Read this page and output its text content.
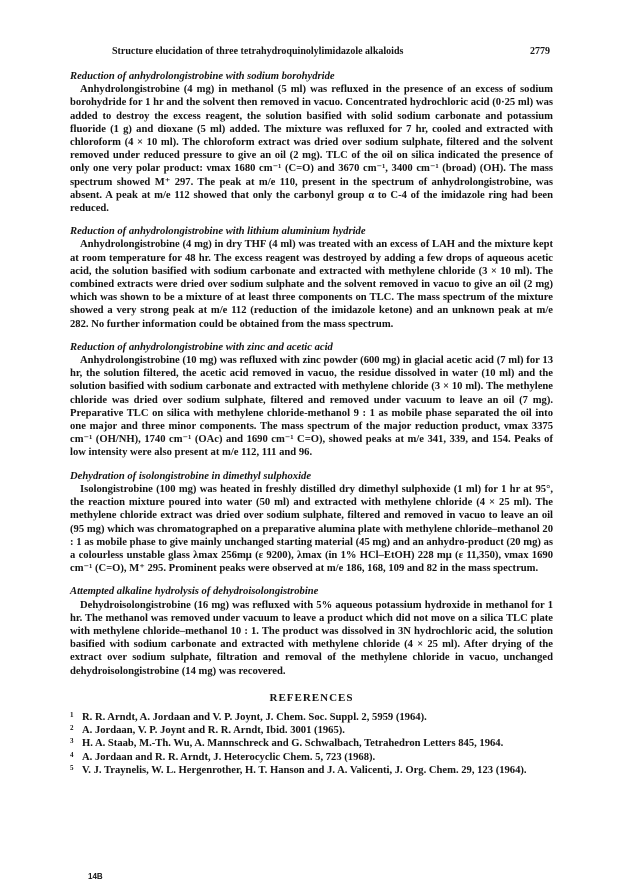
Structure elucidation of three tetrahydroquinolylimidazole alkaloids	2779
Reduction of anhydrolongistrobine with sodium borohydride

Anhydrolongistrobine (4 mg) in methanol (5 ml) was refluxed in the presence of an excess of sodium borohydride for 1 hr and the solvent then removed in vacuo. Concentrated hydrochloric acid (0·25 ml) was added to destroy the excess reagent, the solution basified with solid sodium carbonate and potassium fluoride (1 g) and dioxane (5 ml) added. The mixture was refluxed for 7 hr, cooled and extracted with chloroform (4 × 10 ml). The chloroform extract was dried over sodium sulphate, filtered and the solvent removed under reduced pressure to give an oil (2 mg). TLC of the oil on silica indicated the presence of only one very polar product: νmax 1680 cm⁻¹ (C=O) and 3670 cm⁻¹, 3400 cm⁻¹ (broad) (OH). The mass spectrum showed M⁺ 297. The peak at m/e 110, present in the spectrum of anhydrolongistrobine, was absent. A peak at m/e 112 showed that only the carbonyl group α to C-4 of the imidazole ring had been reduced.

Reduction of anhydrolongistrobine with lithium aluminium hydride

Anhydrolongistrobine (4 mg) in dry THF (4 ml) was treated with an excess of LAH and the mixture kept at room temperature for 48 hr. The excess reagent was destroyed by adding a few drops of aqueous acetic acid, the solution basified with sodium carbonate and extracted with methylene chloride (3 × 10 ml). The combined extracts were dried over sodium sulphate and the solvent removed in vacuo to give an oil (2 mg) which was shown to be a mixture of at least three components on TLC. The mass spectrum of the mixture showed a very strong peak at m/e 112 (reduction of the imidazole ketone) and an unknown peak at m/e 282. No further information could be obtained from the mass spectrum.

Reduction of anhydrolongistrobine with zinc and acetic acid

Anhydrolongistrobine (10 mg) was refluxed with zinc powder (600 mg) in glacial acetic acid (7 ml) for 13 hr, the solution filtered, the acetic acid removed in vacuo, the residue dissolved in water (10 ml) and the solution basified with sodium carbonate and extracted with methylene chloride (3 × 10 ml). The methylene chloride was dried over sodium sulphate, filtered and removed under vacuum to leave an oil (7 mg). Preparative TLC on silica with methylene chloride-methanol 9 : 1 as mobile phase separated the oil into one major and three minor components. The mass spectrum of the major reduction product, νmax 3375 cm⁻¹ (OH/NH), 1740 cm⁻¹ (OAc) and 1690 cm⁻¹ C=O), showed peaks at m/e 341, 339, and 154. Peaks of low intensity were also present at m/e 112, 111 and 96.

Dehydration of isolongistrobine in dimethyl sulphoxide

Isolongistrobine (100 mg) was heated in freshly distilled dry dimethyl sulphoxide (1 ml) for 1 hr at 95°, the reaction mixture poured into water (50 ml) and extracted with methylene chloride (4 × 25 ml). The methylene chloride extract was dried over sodium sulphate, filtered and removed in vacuo to leave an oil (95 mg) which was chromatographed on a preparative alumina plate with methylene chloride–methanol 20 : 1 as mobile phase to give mainly unchanged starting material (45 mg) and an anhydro-product (20 mg) as a colourless unstable glass λmax 256mμ (ε 9200), λmax (in 1% HCl–EtOH) 228 mμ (ε 11,350), νmax 1690 cm⁻¹ (C=O), M⁺ 295. Prominent peaks were observed at m/e 186, 168, 109 and 82 in the mass spectrum.

Attempted alkaline hydrolysis of dehydroisolongistrobine

Dehydroisolongistrobine (16 mg) was refluxed with 5% aqueous potassium hydroxide in methanol for 1 hr. The methanol was removed under vacuum to leave a product which did not move on a silica TLC plate with methylene chloride–methanol 10 : 1. The product was dissolved in 3N hydrochloric acid, the solution basified with sodium carbonate and extracted with methylene chloride (4 × 25 ml). After drying of the extract over sodium sulphate, filtration and removal of the methylene chloride in vacuo, unchanged dehydroisolongistrobine (14 mg) was recovered.

REFERENCES
1 R. R. Arndt, A. Jordaan and V. P. Joynt, J. Chem. Soc. Suppl. 2, 5959 (1964).
2 A. Jordaan, V. P. Joynt and R. R. Arndt, Ibid. 3001 (1965).
3 H. A. Staab, M.-Th. Wu, A. Mannschreck and G. Schwalbach, Tetrahedron Letters 845, 1964.
4 A. Jordaan and R. R. Arndt, J. Heterocyclic Chem. 5, 723 (1968).
5 V. J. Traynelis, W. L. Hergenrother, H. T. Hanson and J. A. Valicenti, J. Org. Chem. 29, 123 (1964).
14B
